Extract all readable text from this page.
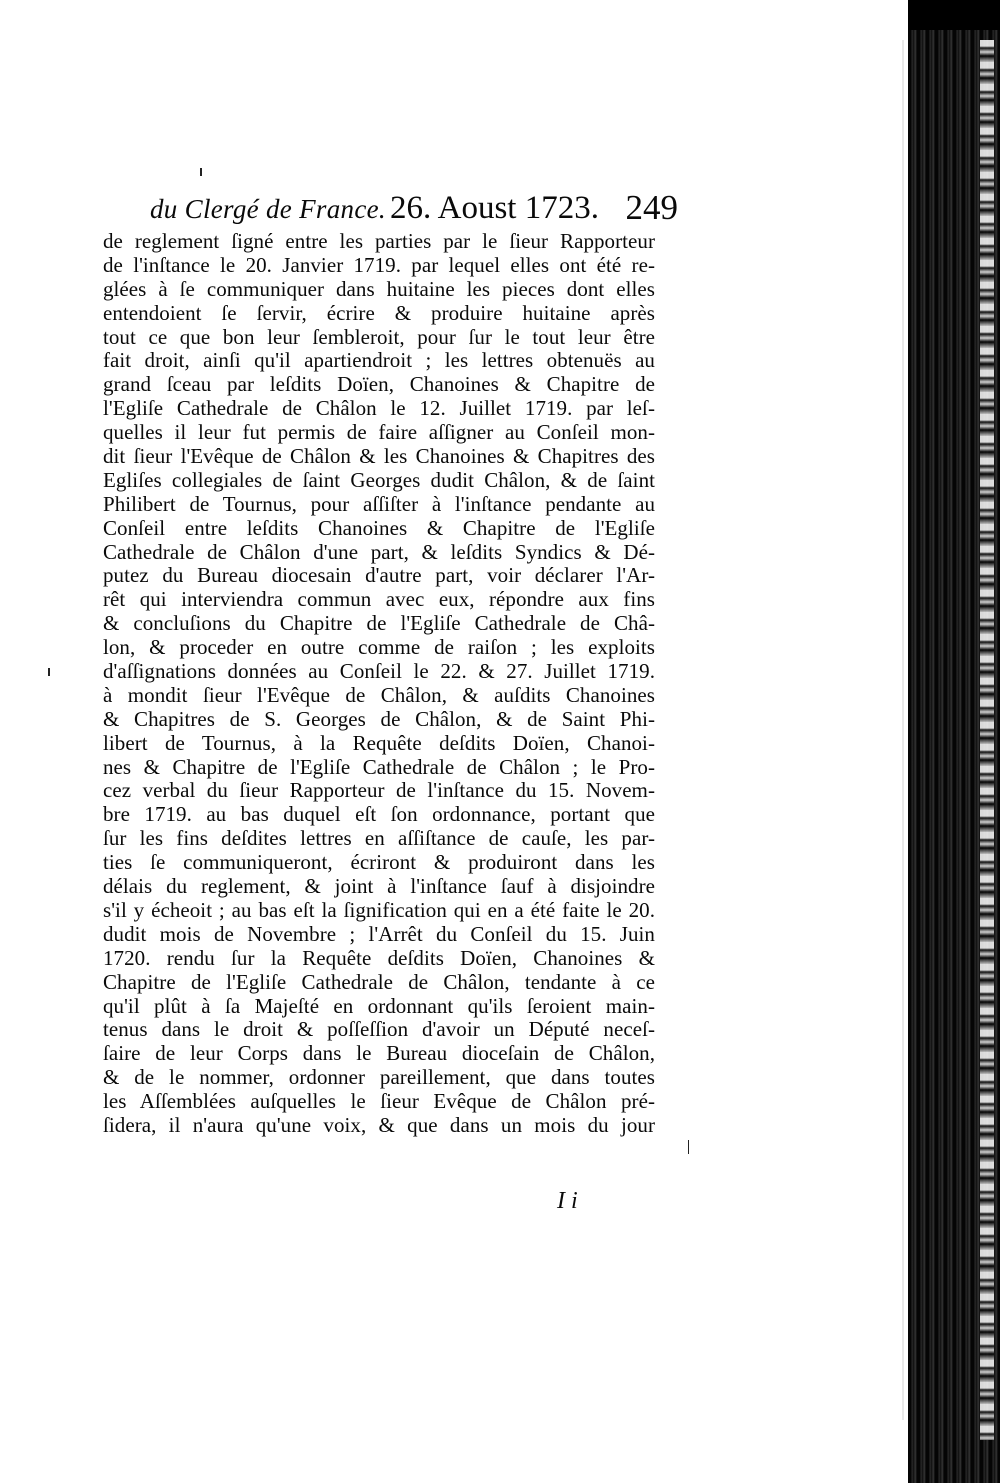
du Clergé de France. 26. Aoust 1723. 249
de reglement ſigné entre les parties par le ſieur Rapporteur
de l'inſtance le 20. Janvier 1719. par lequel elles ont été re-
glées à ſe communiquer dans huitaine les pieces dont elles
entendoient ſe ſervir, écrire & produire huitaine après
tout ce que bon leur ſembleroit, pour ſur le tout leur être
fait droit, ainſi qu'il apartiendroit ; les lettres obtenuës au
grand ſceau par leſdits Doïen, Chanoines & Chapitre de
l'Egliſe Cathedrale de Châlon le 12. Juillet 1719. par leſ-
quelles il leur fut permis de faire aſſigner au Conſeil mon-
dit ſieur l'Evêque de Châlon & les Chanoines & Chapitres des
Egliſes collegiales de ſaint Georges dudit Châlon, & de ſaint
Philibert de Tournus, pour aſſiſter à l'inſtance pendante au
Conſeil entre leſdits Chanoines & Chapitre de l'Egliſe
Cathedrale de Châlon d'une part, & leſdits Syndics & Dé-
putez du Bureau diocesain d'autre part, voir déclarer l'Ar-
rêt qui interviendra commun avec eux, répondre aux fins
& concluſions du Chapitre de l'Egliſe Cathedrale de Châ-
lon, & proceder en outre comme de raiſon ; les exploits
d'aſſignations données au Conſeil le 22. & 27. Juillet 1719.
à mondit ſieur l'Evêque de Châlon, & auſdits Chanoines
& Chapitres de S. Georges de Châlon, & de Saint Phi-
libert de Tournus, à la Requête deſdits Doïen, Chanoi-
nes & Chapitre de l'Egliſe Cathedrale de Châlon ; le Pro-
cez verbal du ſieur Rapporteur de l'inſtance du 15. Novem-
bre 1719. au bas duquel eſt ſon ordonnance, portant que
ſur les fins deſdites lettres en aſſiſtance de cauſe, les par-
ties ſe communiqueront, écriront & produiront dans les
délais du reglement, & joint à l'inſtance ſauf à disjoindre
s'il y écheoit ; au bas eſt la ſignification qui en a été faite le 20.
dudit mois de Novembre ; l'Arrêt du Conſeil du 15. Juin
1720. rendu ſur la Requête deſdits Doïen, Chanoines &
Chapitre de l'Egliſe Cathedrale de Châlon, tendante à ce
qu'il plût à ſa Majeſté en ordonnant qu'ils ſeroient main-
tenus dans le droit & poſſeſſion d'avoir un Député neceſ-
ſaire de leur Corps dans le Bureau dioceſain de Châlon,
& de le nommer, ordonner pareillement, que dans toutes
les Aſſemblées auſquelles le ſieur Evêque de Châlon pré-
ſidera, il n'aura qu'une voix, & que dans un mois du jour
I i
